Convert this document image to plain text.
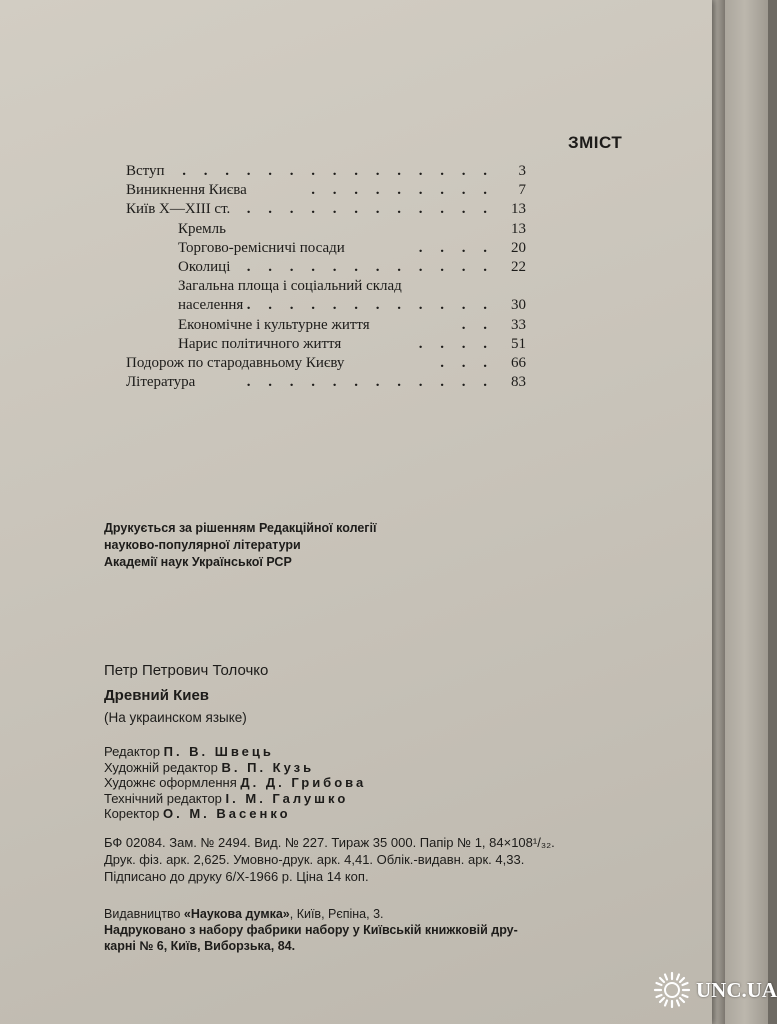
ЗМІСТ
Вступ . . . . . . . . . . . . . . .	3
Виникнення Києва	. . . . . . . . .	7
Київ Х—ХІІІ ст. . . . . . . . . . . . .	13
Кремль	13
Торгово-ремісничі посади	. . . .	20
Околиці . . . . . . . . . . . .	22
Загальна площа і соціальний склад
населення . . . . . . . . . . . .	30
Економічне і культурне життя	. .	33
Нарис політичного життя	. . . .	51
Подорож по стародавньому Києву	. . .	66
Література	. . . . . . . . . . . .	83
Друкується за рішенням Редакційної колегії
науково-популярної літератури
Академії наук Української РСР
Петр Петрович Толочко
Древний Киев
(На украинском языке)
Редактор П. В. Швець
Художній редактор В. П. Кузь
Художнє оформлення Д. Д. Грибова
Технічний редактор І. М. Галушко
Коректор О. М. Васенко
БФ 02084. Зам. № 2494. Вид. № 227. Тираж 35 000. Папір № 1, 84×108¹/₃₂.
Друк. фіз. арк. 2,625. Умовно-друк. арк. 4,41. Облік.-видавн. арк. 4,33.
Підписано до друку 6/Х-1966 р. Ціна 14 коп.
Видавництво «Наукова думка», Київ, Рєпіна, 3.
Надруковано з набору фабрики набору у Київській книжковій дру-
карні № 6, Київ, Виборзька, 84.
UNC.UA
